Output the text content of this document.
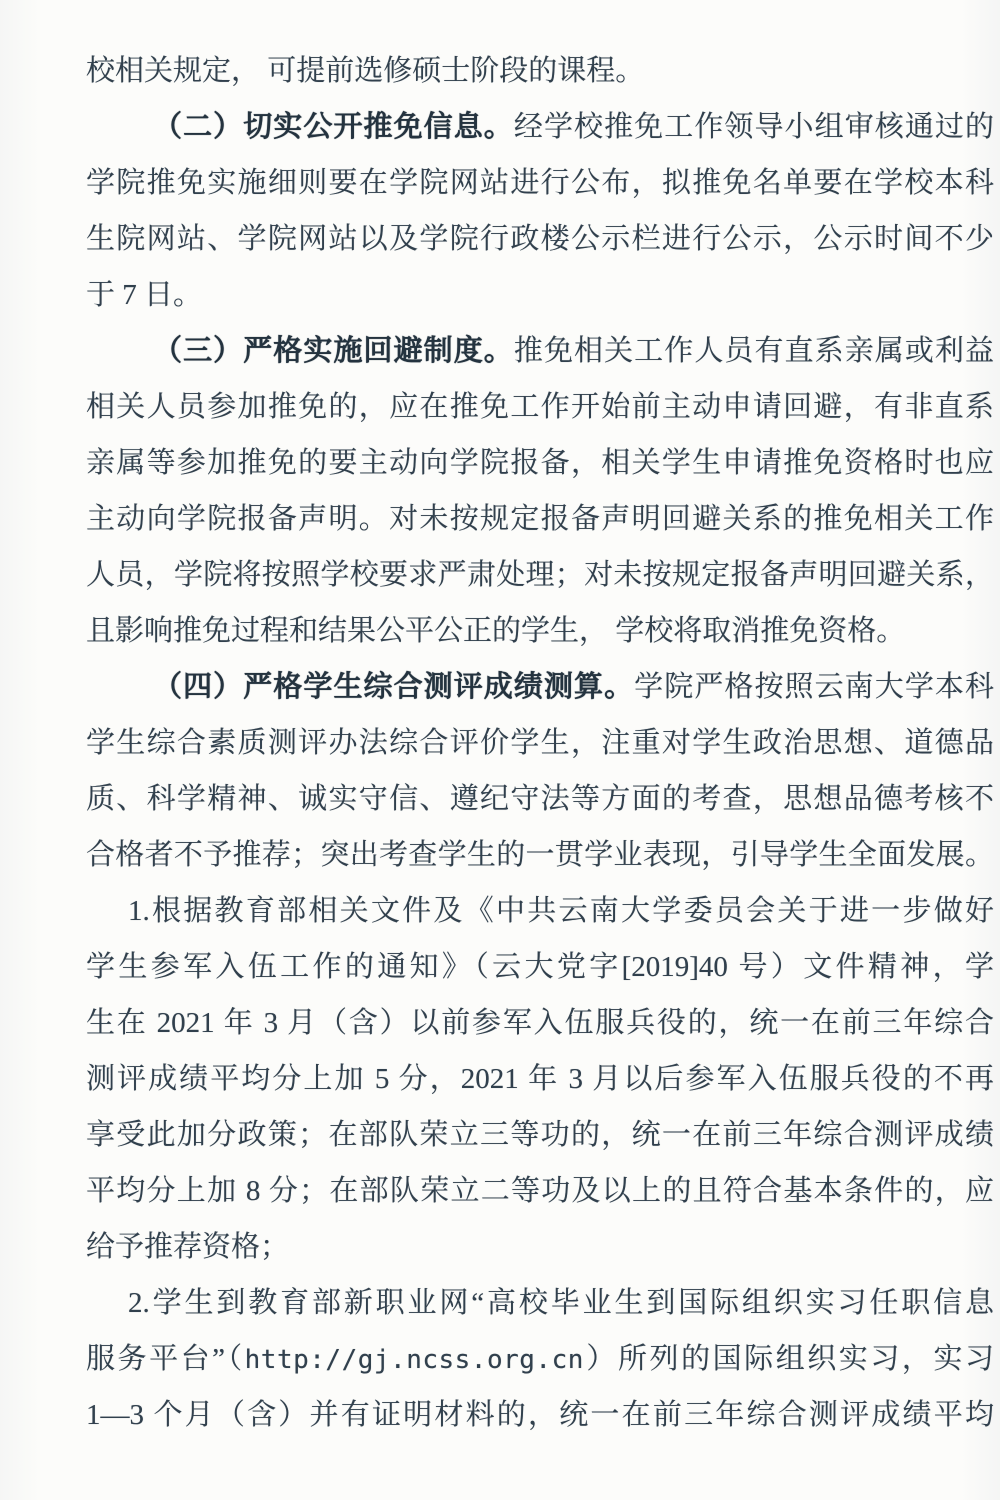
校相关规定， 可提前选修硕士阶段的课程。
（二）切实公开推免信息。经学校推免工作领导小组审核通过的
学院推免实施细则要在学院网站进行公布，拟推免名单要在学校本科
生院网站、学院网站以及学院行政楼公示栏进行公示，公示时间不少
于 7 日。
（三）严格实施回避制度。推免相关工作人员有直系亲属或利益
相关人员参加推免的，应在推免工作开始前主动申请回避，有非直系
亲属等参加推免的要主动向学院报备，相关学生申请推免资格时也应
主动向学院报备声明。对未按规定报备声明回避关系的推免相关工作
人员，学院将按照学校要求严肃处理；对未按规定报备声明回避关系，
且影响推免过程和结果公平公正的学生， 学校将取消推免资格。
（四）严格学生综合测评成绩测算。学院严格按照云南大学本科
学生综合素质测评办法综合评价学生，注重对学生政治思想、道德品
质、科学精神、诚实守信、遵纪守法等方面的考查，思想品德考核不
合格者不予推荐；突出考查学生的一贯学业表现，引导学生全面发展。
1.根据教育部相关文件及《中共云南大学委员会关于进一步做好
学生参军入伍工作的通知》（云大党字[2019]40 号）文件精神，学
生在 2021 年 3 月（含）以前参军入伍服兵役的，统一在前三年综合
测评成绩平均分上加 5 分，2021 年 3 月以后参军入伍服兵役的不再
享受此加分政策；在部队荣立三等功的，统一在前三年综合测评成绩
平均分上加 8 分；在部队荣立二等功及以上的且符合基本条件的，应
给予推荐资格；
2.学生到教育部新职业网“高校毕业生到国际组织实习任职信息
服务平台”（http://gj.ncss.org.cn）所列的国际组织实习，实习
1—3 个月（含）并有证明材料的，统一在前三年综合测评成绩平均
